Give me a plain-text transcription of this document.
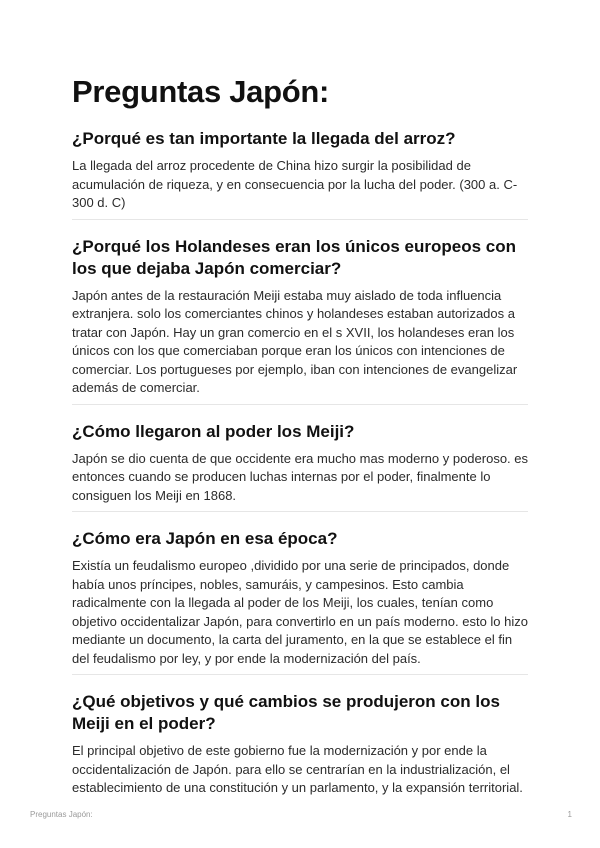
Preguntas Japón:
¿Porqué es tan importante la llegada del arroz?

La llegada del arroz procedente de China hizo surgir la posibilidad de acumulación de riqueza, y en consecuencia por la lucha del poder. (300 a. C-300 d. C)

¿Porqué los Holandeses eran los únicos europeos con los que dejaba Japón comerciar?

Japón antes de la restauración Meiji estaba muy aislado de toda influencia extranjera. solo los comerciantes chinos y holandeses estaban autorizados a tratar con Japón. Hay un gran comercio en el s XVII, los holandeses eran los únicos con los que comerciaban porque eran los únicos con intenciones de comerciar. Los portugueses por ejemplo, iban con intenciones de evangelizar además de comerciar.

¿Cómo llegaron al poder los Meiji?

Japón se dio cuenta de que occidente era mucho mas moderno y poderoso. es entonces cuando se producen luchas internas por el poder, finalmente lo consiguen los Meiji en 1868.

¿Cómo era Japón en esa época?

Existía un feudalismo europeo ,dividido por una serie de principados, donde había unos príncipes, nobles, samuráis, y campesinos. Esto cambia radicalmente con la llegada al poder de los Meiji, los cuales, tenían como objetivo occidentalizar Japón, para convertirlo en un país moderno. esto lo hizo mediante un documento, la carta del juramento, en la que se establece el fin del feudalismo por ley, y por ende la modernización del país.

¿Qué objetivos y qué cambios se produjeron con los Meiji en el poder?

El principal objetivo de este gobierno fue la modernización y por ende la occidentalización de Japón. para ello se centrarían en la industrialización, el establecimiento de una constitución y un parlamento, y la expansión territorial.

Preguntas Japón:	1
